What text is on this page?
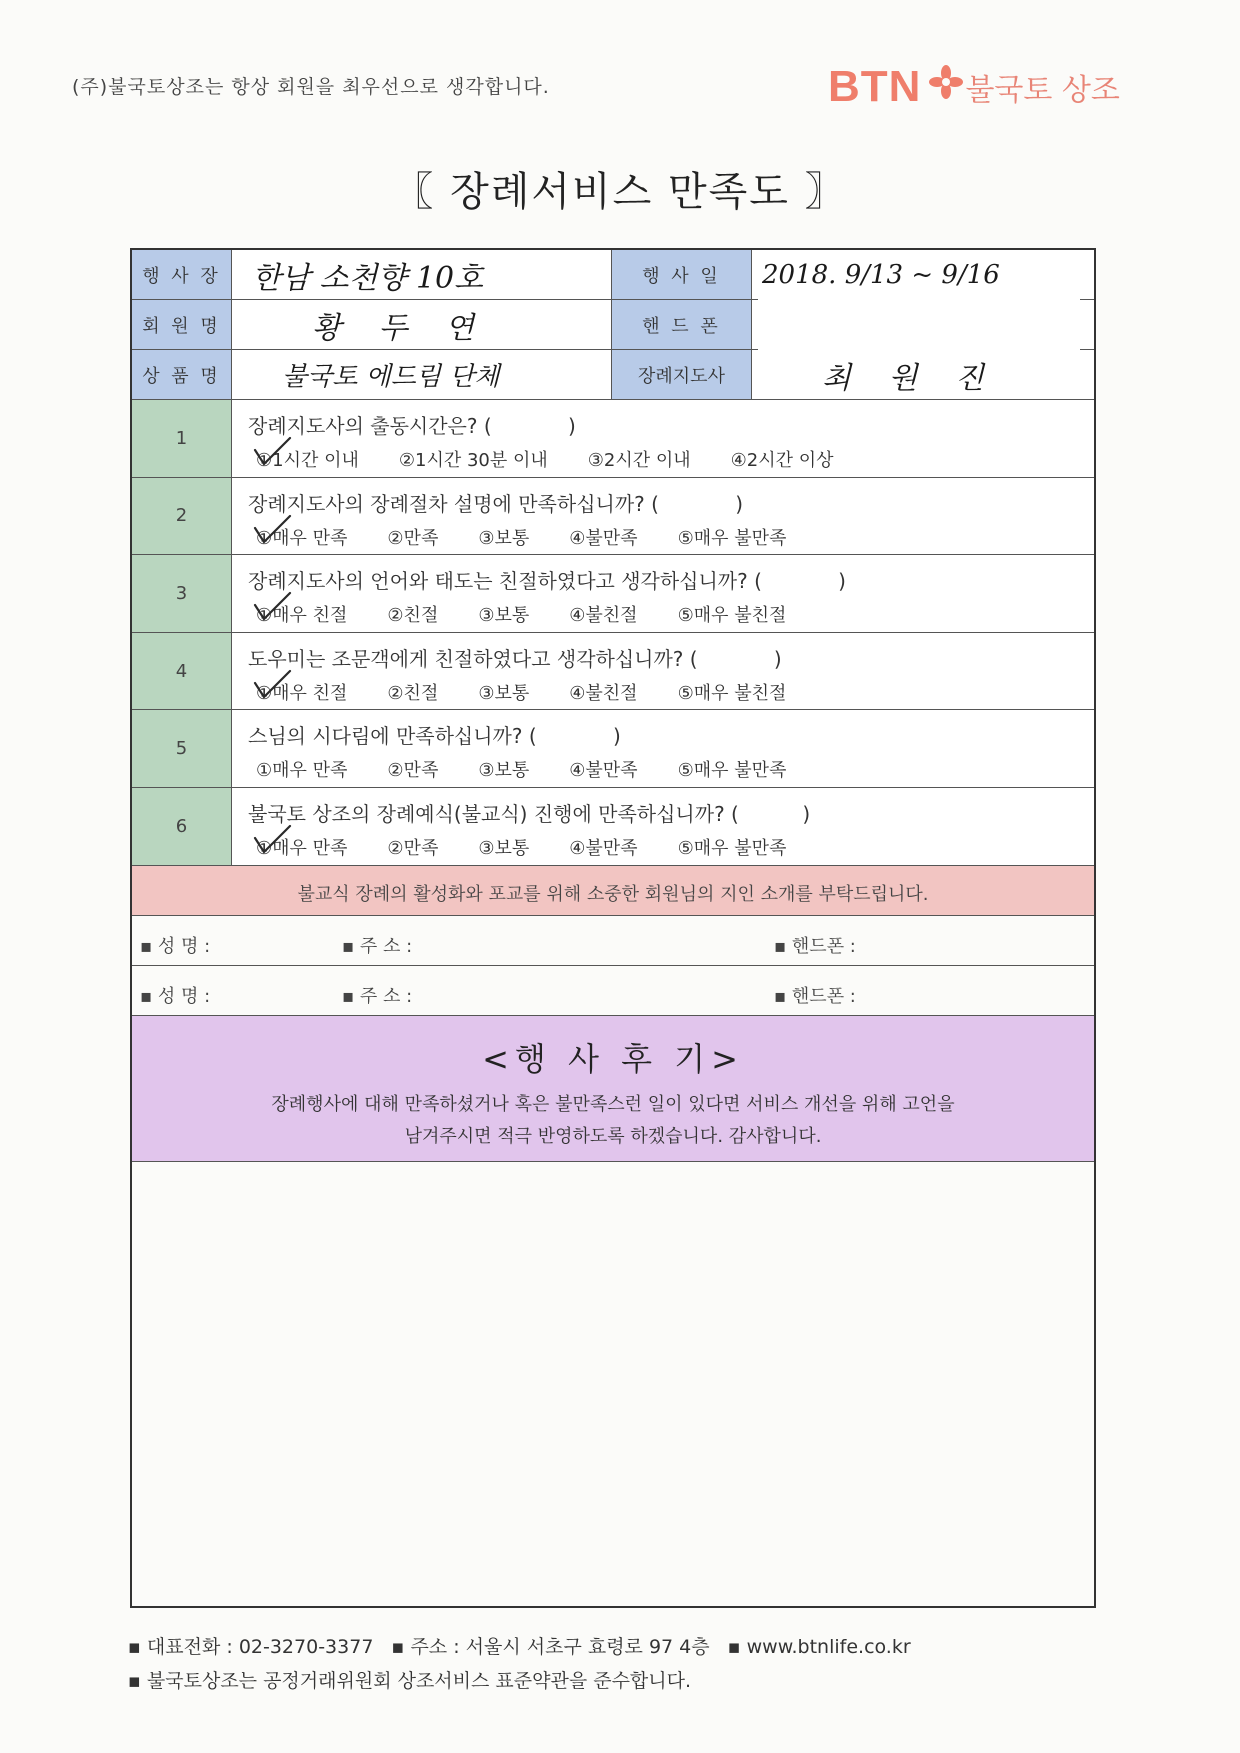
(주)불국토상조는 항상 회원을 최우선으로 생각합니다.	BTN 불국토 상조
〖 장례서비스 만족도 〗
행 사 장	한남 소천향 10호	행 사 일	2018. 9/13 ~ 9/16
회 원 명	황 두 연	핸 드 폰
상 품 명	불국토 에드림 단체	장례지도사	최 원 진
1
장례지도사의 출동시간은? (            )
①1시간 이내 ②1시간 30분 이내 ③2시간 이내 ④2시간 이상
2
장례지도사의 장례절차 설명에 만족하십니까? (            )
①매우 만족 ②만족 ③보통 ④불만족 ⑤매우 불만족
3
장례지도사의 언어와 태도는 친절하였다고 생각하십니까? (            )
①매우 친절 ②친절 ③보통 ④불친절 ⑤매우 불친절
4
도우미는 조문객에게 친절하였다고 생각하십니까? (            )
①매우 친절 ②친절 ③보통 ④불친절 ⑤매우 불친절
5
스님의 시다림에 만족하십니까? (            )
①매우 만족 ②만족 ③보통 ④불만족 ⑤매우 불만족
6
불국토 상조의 장례예식(불교식) 진행에 만족하십니까? (          )
①매우 만족 ②만족 ③보통 ④불만족 ⑤매우 불만족
불교식 장례의 활성화와 포교를 위해 소중한 회원님의 지인 소개를 부탁드립니다.
▪ 성 명 :	▪ 주 소 :	▪ 핸드폰 :
▪ 성 명 :	▪ 주 소 :	▪ 핸드폰 :
<행 사 후 기>
장례행사에 대해 만족하셨거나 혹은 불만족스런 일이 있다면 서비스 개선을 위해 고언을
남겨주시면 적극 반영하도록 하겠습니다. 감사합니다.
▪ 대표전화 : 02-3270-3377   ▪ 주소 : 서울시 서초구 효령로 97 4층   ▪ www.btnlife.co.kr
▪ 불국토상조는 공정거래위원회 상조서비스 표준약관을 준수합니다.
